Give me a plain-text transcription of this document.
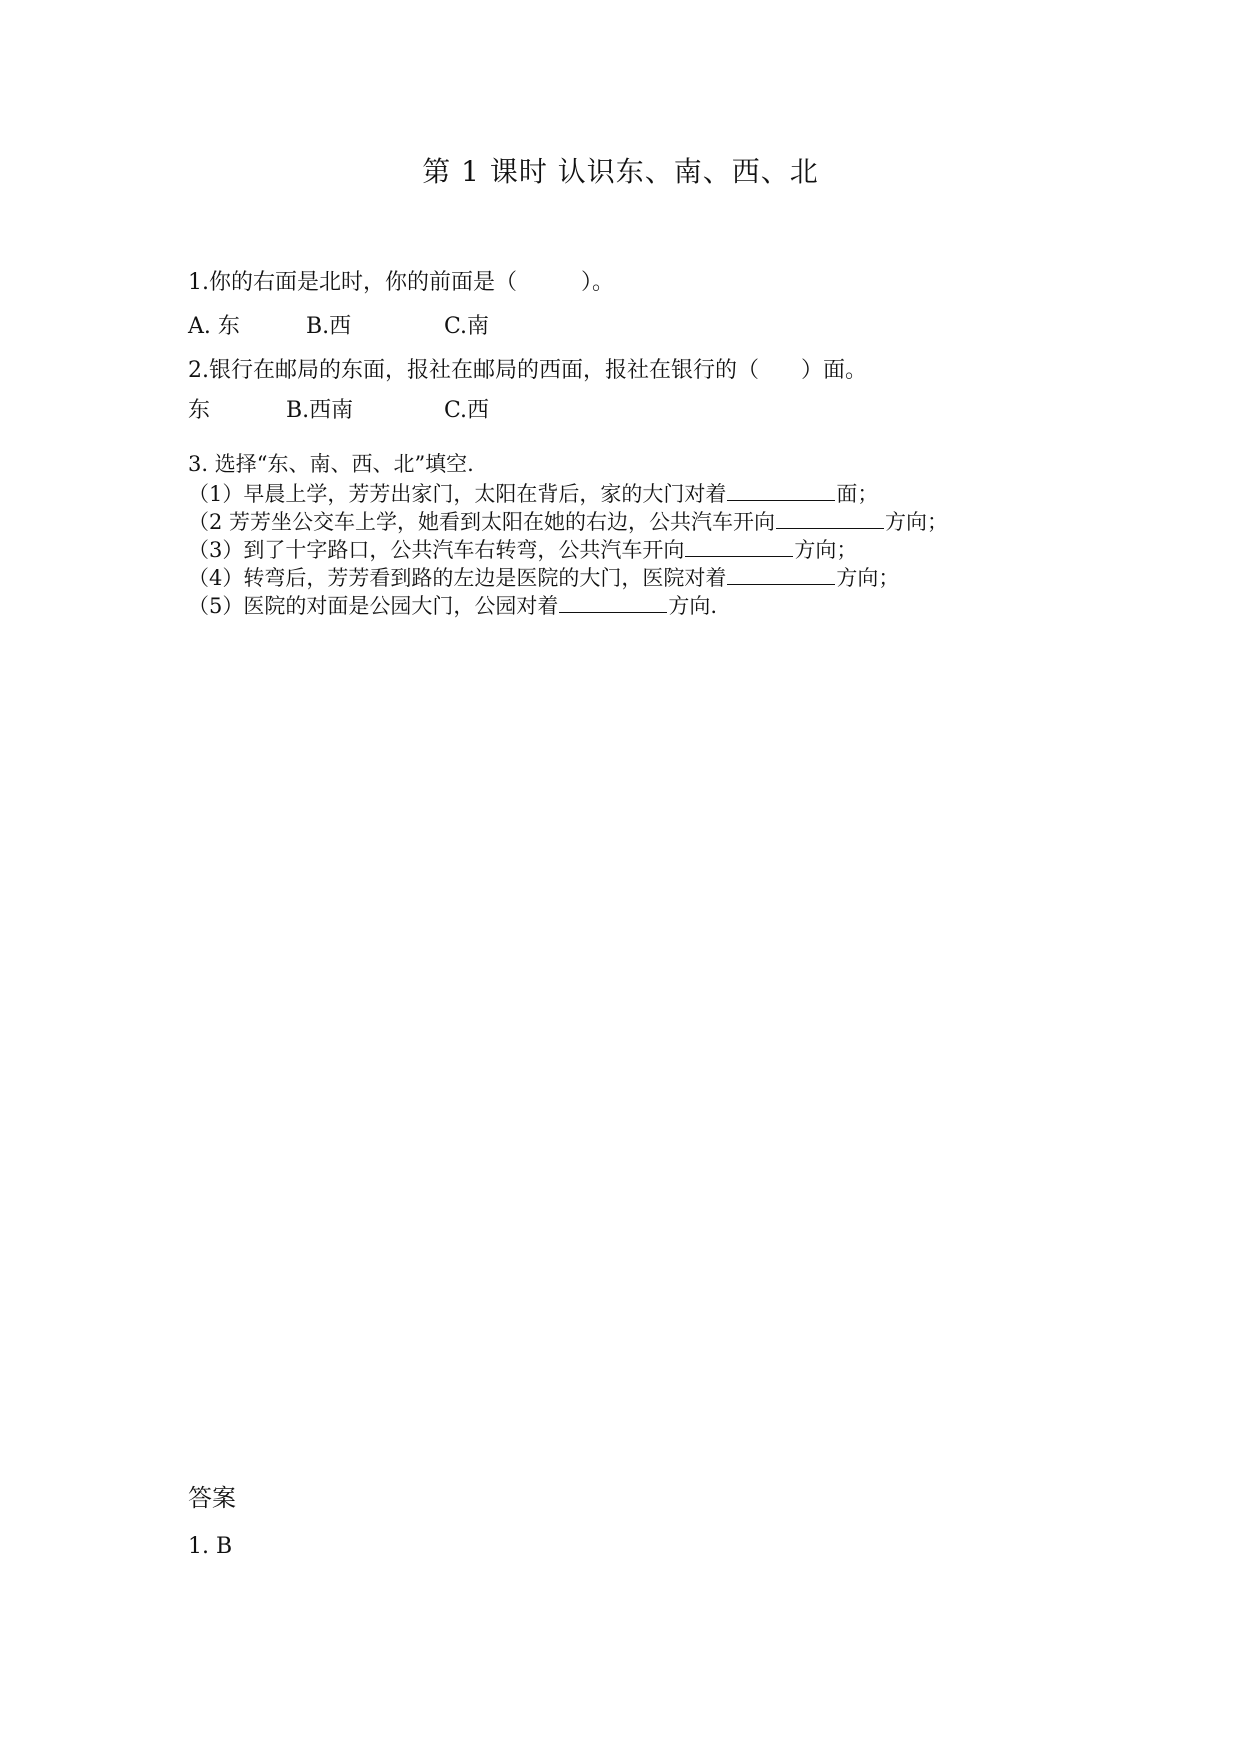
第 1 课时 认识东、南、西、北
1.你的右面是北时，你的前面是（	）。
A. 东	B.西	C.南
2.银行在邮局的东面，报社在邮局的西面，报社在银行的（ ）面。
东	B.西南	C.西
3. 选择“东、南、西、北”填空.
（1）早晨上学，芳芳出家门，太阳在背后，家的大门对着	面；
（2 芳芳坐公交车上学，她看到太阳在她的右边，公共汽车开向	方向；
（3）到了十字路口，公共汽车右转弯，公共汽车开向	方向；
（4）转弯后，芳芳看到路的左边是医院的大门，医院对着	方向；
（5）医院的对面是公园大门，公园对着	方向.
答案
1. B
